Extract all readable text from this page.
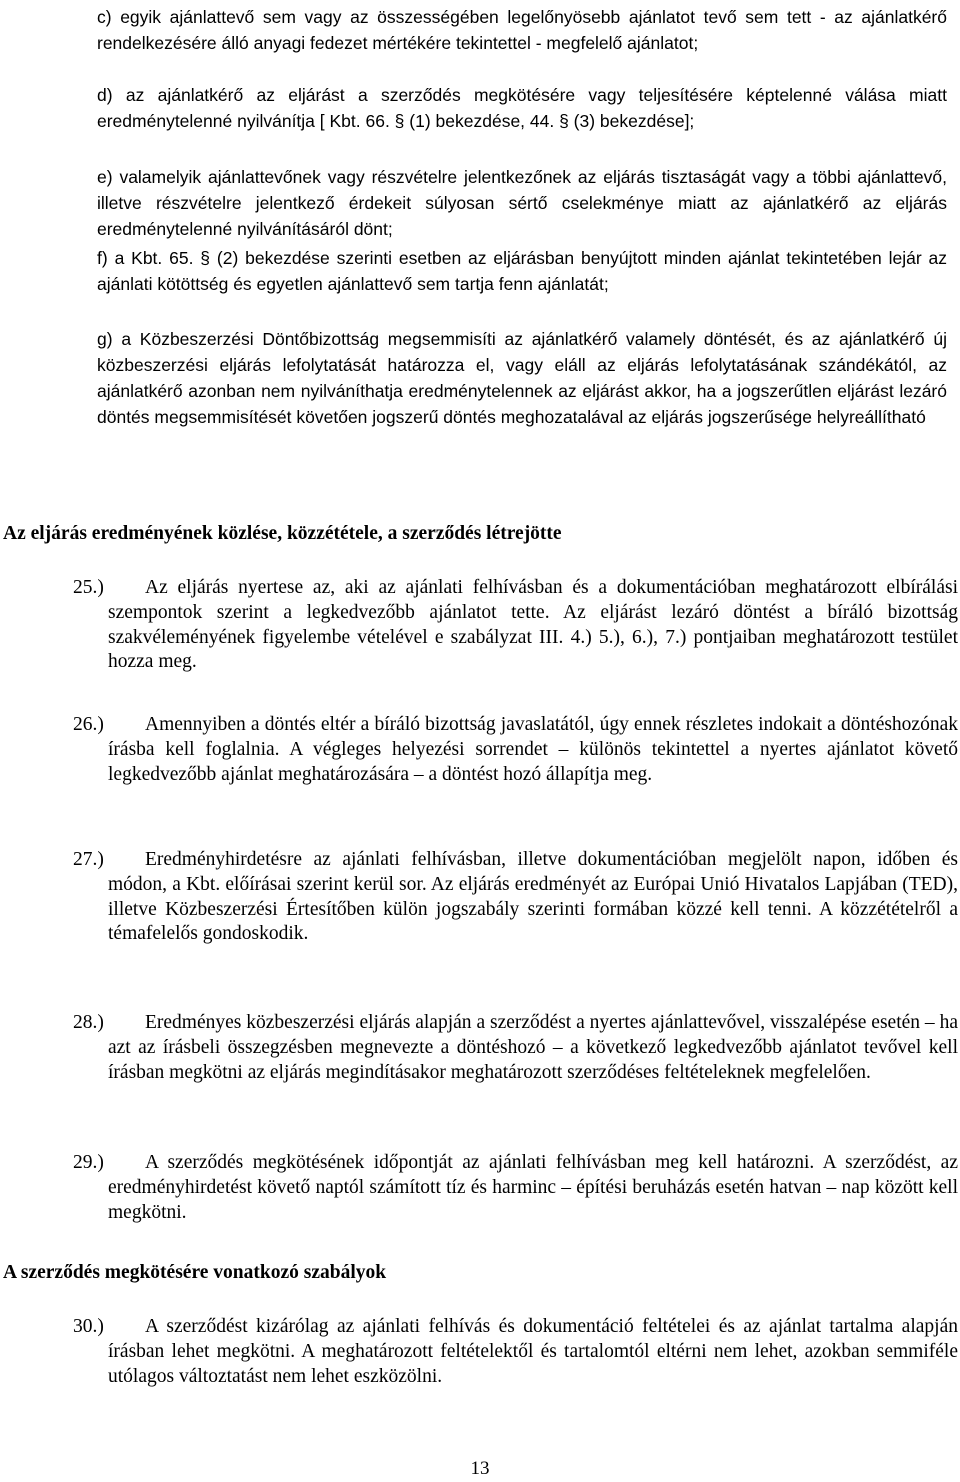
c) egyik ajánlattevő sem vagy az összességében legelőnyösebb ajánlatot tevő sem tett - az ajánlatkérő rendelkezésére álló anyagi fedezet mértékére tekintettel - megfelelő ajánlatot;
d) az ajánlatkérő az eljárást a szerződés megkötésére vagy teljesítésére képtelenné válása miatt eredménytelenné nyilvánítja [ Kbt. 66. § (1) bekezdése, 44. § (3) bekezdése];
e) valamelyik ajánlattevőnek vagy részvételre jelentkezőnek az eljárás tisztaságát vagy a többi ajánlattevő, illetve részvételre jelentkező érdekeit súlyosan sértő cselekménye miatt az ajánlatkérő az eljárás eredménytelenné nyilvánításáról dönt;
f) a Kbt. 65. § (2) bekezdése szerinti esetben az eljárásban benyújtott minden ajánlat tekintetében lejár az ajánlati kötöttség és egyetlen ajánlattevő sem tartja fenn ajánlatát;
g) a Közbeszerzési Döntőbizottság megsemmisíti az ajánlatkérő valamely döntését, és az ajánlatkérő új közbeszerzési eljárás lefolytatását határozza el, vagy eláll az eljárás lefolytatásának szándékától, az ajánlatkérő azonban nem nyilváníthatja eredménytelennek az eljárást akkor, ha a jogszerűtlen eljárást lezáró döntés megsemmisítését követően jogszerű döntés meghozatalával az eljárás jogszerűsége helyreállítható
Az eljárás eredményének közlése, közzététele, a szerződés létrejötte
25.)	Az eljárás nyertese az, aki az ajánlati felhívásban és a dokumentációban meghatározott elbírálási szempontok szerint a legkedvezőbb ajánlatot tette. Az eljárást lezáró döntést a bíráló bizottság szakvéleményének figyelembe vételével e szabályzat III. 4.) 5.), 6.), 7.) pontjaiban meghatározott testület hozza meg.
26.)	Amennyiben a döntés eltér a bíráló bizottság javaslatától, úgy ennek részletes indokait a döntéshozónak írásba kell foglalnia. A végleges helyezési sorrendet – különös tekintettel a nyertes ajánlatot követő legkedvezőbb ajánlat meghatározására – a döntést hozó állapítja meg.
27.)	Eredményhirdetésre az ajánlati felhívásban, illetve dokumentációban megjelölt napon, időben és módon, a Kbt. előírásai szerint kerül sor. Az eljárás eredményét az Európai Unió Hivatalos Lapjában (TED), illetve Közbeszerzési Értesítőben külön jogszabály szerinti formában közzé kell tenni. A közzétételről a témafelelős gondoskodik.
28.)	Eredményes közbeszerzési eljárás alapján a szerződést a nyertes ajánlattevővel, visszalépése esetén – ha azt az írásbeli összegzésben megnevezte a döntéshozó – a következő legkedvezőbb ajánlatot tevővel kell írásban megkötni az eljárás megindításakor meghatározott szerződéses feltételeknek megfelelően.
29.)	A szerződés megkötésének időpontját az ajánlati felhívásban meg kell határozni. A szerződést, az eredményhirdetést követő naptól számított tíz és harminc – építési beruházás esetén hatvan – nap között kell megkötni.
A szerződés megkötésére vonatkozó szabályok
30.)	A szerződést kizárólag az ajánlati felhívás és dokumentáció feltételei és az ajánlat tartalma alapján írásban lehet megkötni. A meghatározott feltételektől és tartalomtól eltérni nem lehet, azokban semmiféle utólagos változtatást nem lehet eszközölni.
13
